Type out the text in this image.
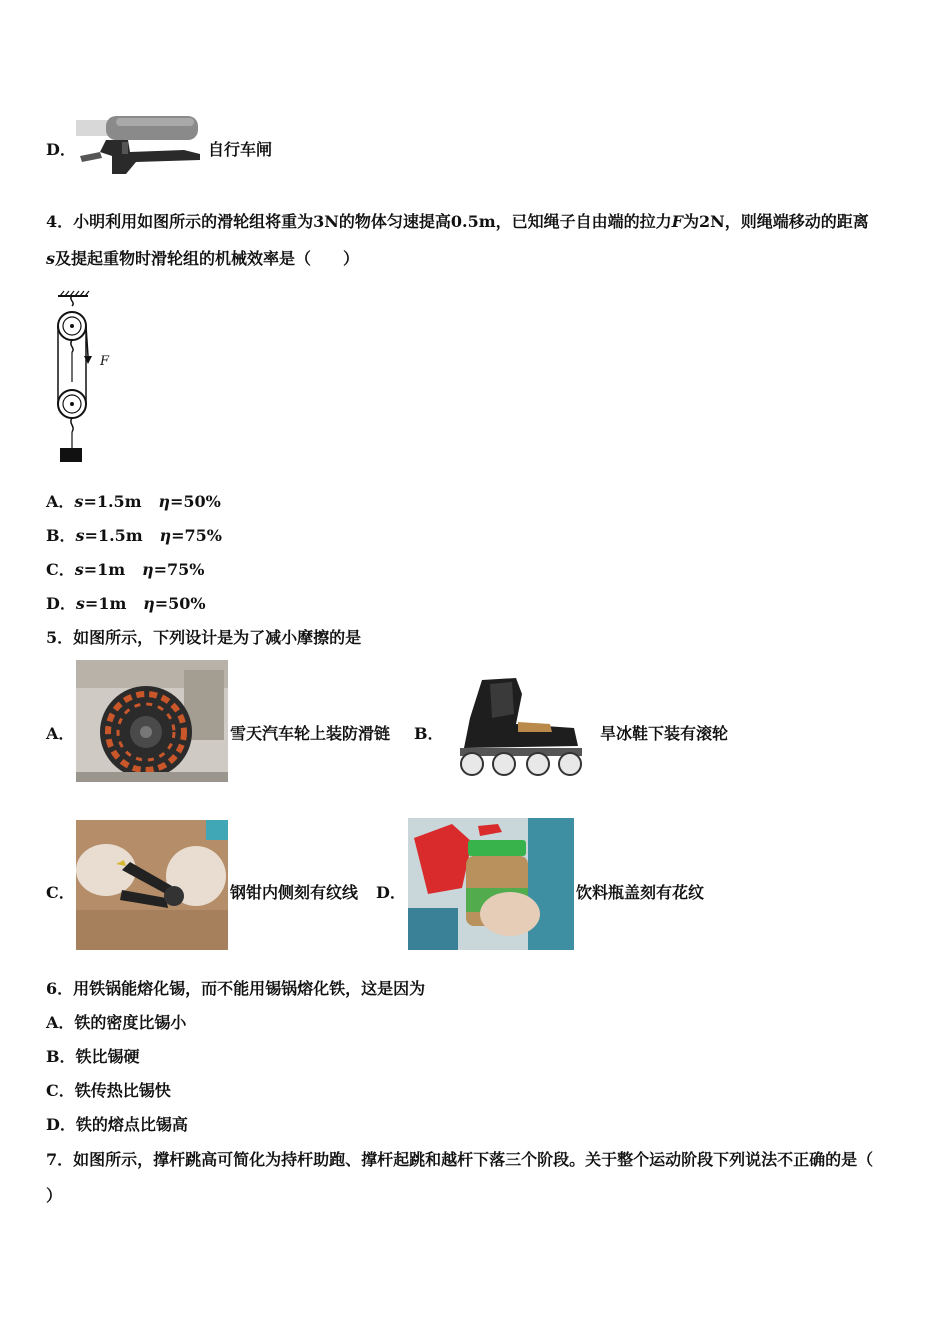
D．	自行车闸
4．小明利用如图所示的滑轮组将重为3N的物体匀速提高0.5m，已知绳子自由端的拉力F为2N，则绳端移动的距离
s及提起重物时滑轮组的机械效率是（　　）
F
A．s=1.5m η=50%
B．s=1.5m η=75%
C．s=1m η=75%
D．s=1m η=50%
5．如图所示，下列设计是为了减小摩擦的是
A．	雪天汽车轮上装防滑链 B．	旱冰鞋下装有滚轮
C．	钢钳内侧刻有纹线 D．	饮料瓶盖刻有花纹
6．用铁锅能熔化锡，而不能用锡锅熔化铁，这是因为
A．铁的密度比锡小
B．铁比锡硬
C．铁传热比锡快
D．铁的熔点比锡高
7．如图所示，撑杆跳高可简化为持杆助跑、撑杆起跳和越杆下落三个阶段。关于整个运动阶段下列说法不正确的是（
）
